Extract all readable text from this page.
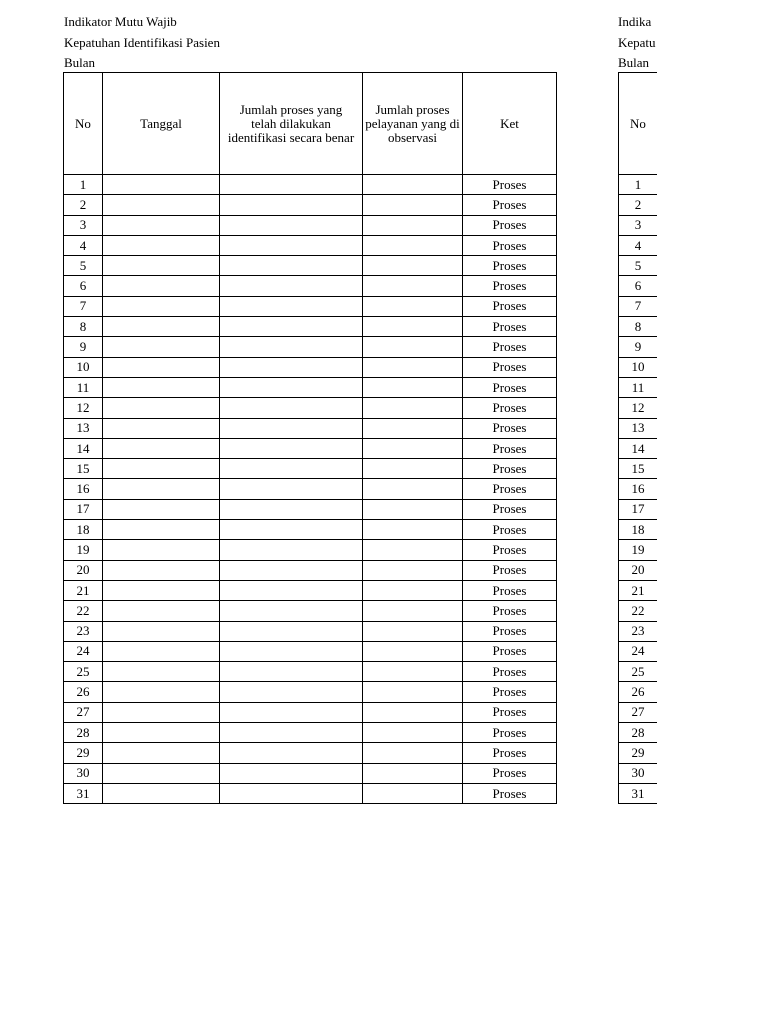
Indikator Mutu Wajib
Kepatuhan Identifikasi Pasien
Bulan
Indika
Kepatu
Bulan
No	Tanggal	Jumlah proses yang telah dilakukan identifikasi secara benar	Jumlah proses pelayanan yang di observasi	Ket
1				Proses
2				Proses
3				Proses
4				Proses
5				Proses
6				Proses
7				Proses
8				Proses
9				Proses
10				Proses
11				Proses
12				Proses
13				Proses
14				Proses
15				Proses
16				Proses
17				Proses
18				Proses
19				Proses
20				Proses
21				Proses
22				Proses
23				Proses
24				Proses
25				Proses
26				Proses
27				Proses
28				Proses
29				Proses
30				Proses
31				Proses
No
1
2
3
4
5
6
7
8
9
10
11
12
13
14
15
16
17
18
19
20
21
22
23
24
25
26
27
28
29
30
31
